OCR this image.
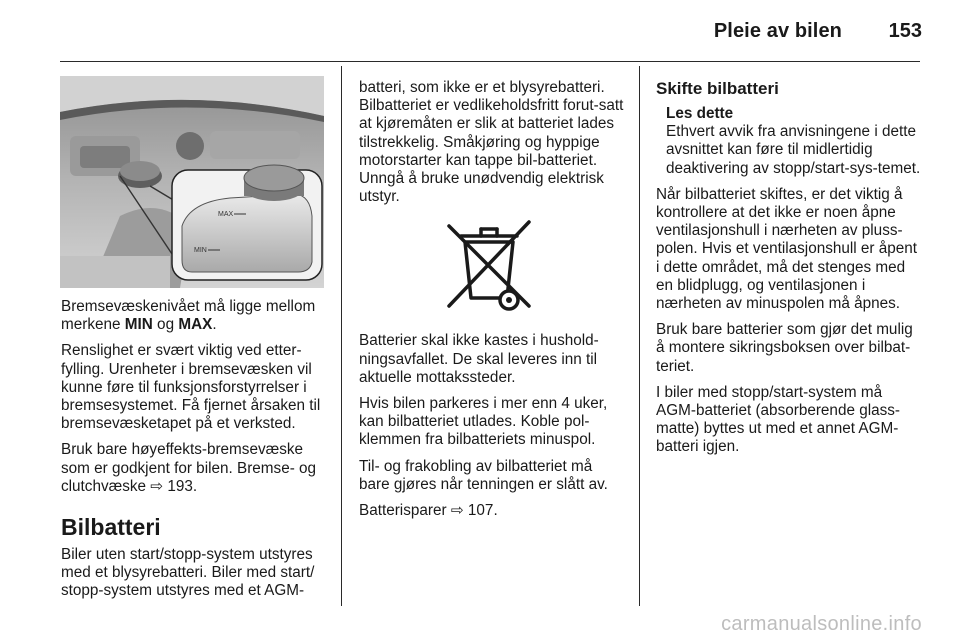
Pleie av bilen 153
MAX
MIN

Bremsevæskenivået må ligge mellom merkene MIN og MAX.

Renslighet er svært viktig ved etter-fylling. Urenheter i bremsevæsken vil kunne føre til funksjonsforstyrrelser i bremsesystemet. Få fjernet årsaken til bremsevæsketapet på et verksted.

Bruk bare høyeffekts-bremsevæske som er godkjent for bilen. Bremse- og clutchvæske ⇨ 193.

Bilbatteri

Biler uten start/stopp-system utstyres med et blysyrebatteri. Biler med start/ stopp-system utstyres med et AGM-

batteri, som ikke er et blysyrebatteri. Bilbatteriet er vedlikeholdsfritt forut-satt at kjøremåten er slik at batteriet lades tilstrekkelig. Småkjøring og hyppige motorstarter kan tappe bil-batteriet. Unngå å bruke unødvendig elektrisk utstyr.

Batterier skal ikke kastes i hushold-ningsavfallet. De skal leveres inn til aktuelle mottakssteder.

Hvis bilen parkeres i mer enn 4 uker, kan bilbatteriet utlades. Koble pol-klemmen fra bilbatteriets minuspol.

Til- og frakobling av bilbatteriet må bare gjøres når tenningen er slått av.

Batterisparer ⇨ 107.

Skifte bilbatteri
Les dette
Ethvert avvik fra anvisningene i dette avsnittet kan føre til midlertidig deaktivering av stopp/start-sys-temet.

Når bilbatteriet skiftes, er det viktig å kontrollere at det ikke er noen åpne ventilasjonshull i nærheten av pluss-polen. Hvis et ventilasjonshull er åpent i dette området, må det stenges med en blidplugg, og ventilasjonen i nærheten av minuspolen må åpnes.

Bruk bare batterier som gjør det mulig å montere sikringsboksen over bilbat-teriet.

I biler med stopp/start-system må AGM-batteriet (absorberende glass-matte) byttes ut med et annet AGM-batteri igjen.

carmanualsonline.info
